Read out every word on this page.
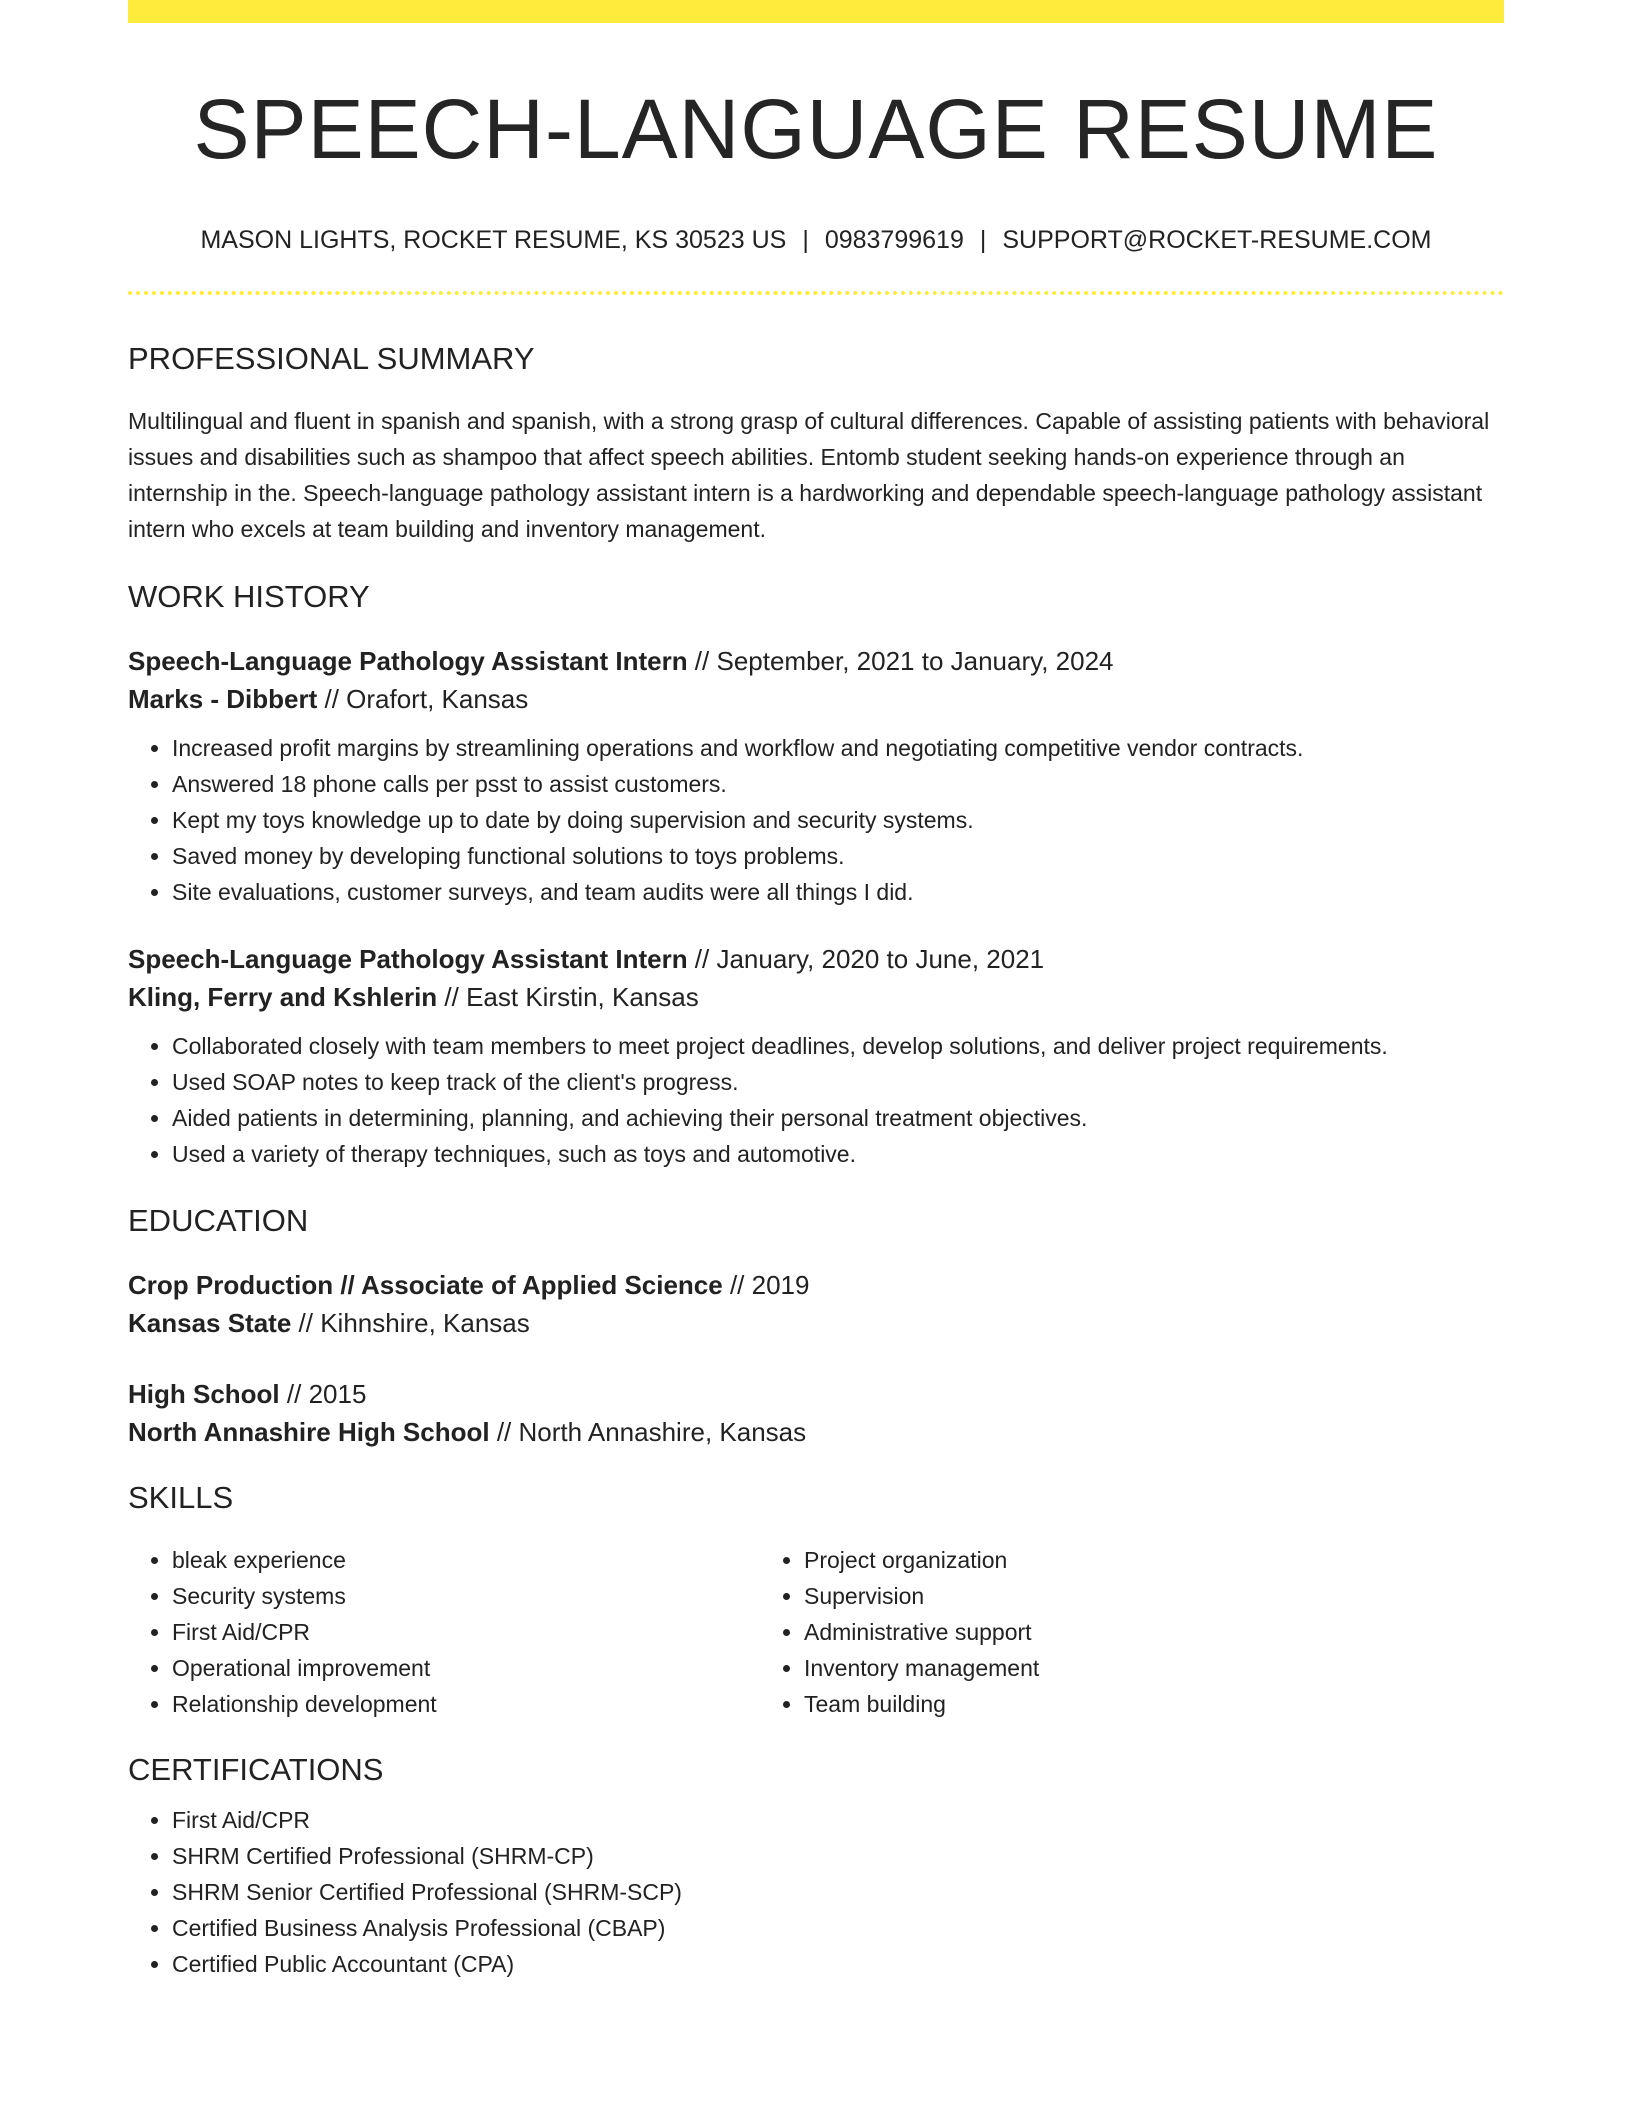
SPEECH-LANGUAGE RESUME
MASON LIGHTS, ROCKET RESUME, KS 30523 US | 0983799619 | SUPPORT@ROCKET-RESUME.COM
PROFESSIONAL SUMMARY

Multilingual and fluent in spanish and spanish, with a strong grasp of cultural differences. Capable of assisting patients with behavioral issues and disabilities such as shampoo that affect speech abilities. Entomb student seeking hands-on experience through an internship in the. Speech-language pathology assistant intern is a hardworking and dependable speech-language pathology assistant intern who excels at team building and inventory management.

WORK HISTORY
Speech-Language Pathology Assistant Intern // September, 2021 to January, 2024
Marks - Dibbert // Orafort, Kansas
• Increased profit margins by streamlining operations and workflow and negotiating competitive vendor contracts.
• Answered 18 phone calls per psst to assist customers.
• Kept my toys knowledge up to date by doing supervision and security systems.
• Saved money by developing functional solutions to toys problems.
• Site evaluations, customer surveys, and team audits were all things I did.
Speech-Language Pathology Assistant Intern // January, 2020 to June, 2021
Kling, Ferry and Kshlerin // East Kirstin, Kansas
• Collaborated closely with team members to meet project deadlines, develop solutions, and deliver project requirements.
• Used SOAP notes to keep track of the client's progress.
• Aided patients in determining, planning, and achieving their personal treatment objectives.
• Used a variety of therapy techniques, such as toys and automotive.
EDUCATION
Crop Production // Associate of Applied Science // 2019
Kansas State // Kihnshire, Kansas
High School // 2015
North Annashire High School // North Annashire, Kansas
SKILLS
• bleak experience
• Security systems
• First Aid/CPR
• Operational improvement
• Relationship development
• Project organization
• Supervision
• Administrative support
• Inventory management
• Team building
CERTIFICATIONS
• First Aid/CPR
• SHRM Certified Professional (SHRM-CP)
• SHRM Senior Certified Professional (SHRM-SCP)
• Certified Business Analysis Professional (CBAP)
• Certified Public Accountant (CPA)
